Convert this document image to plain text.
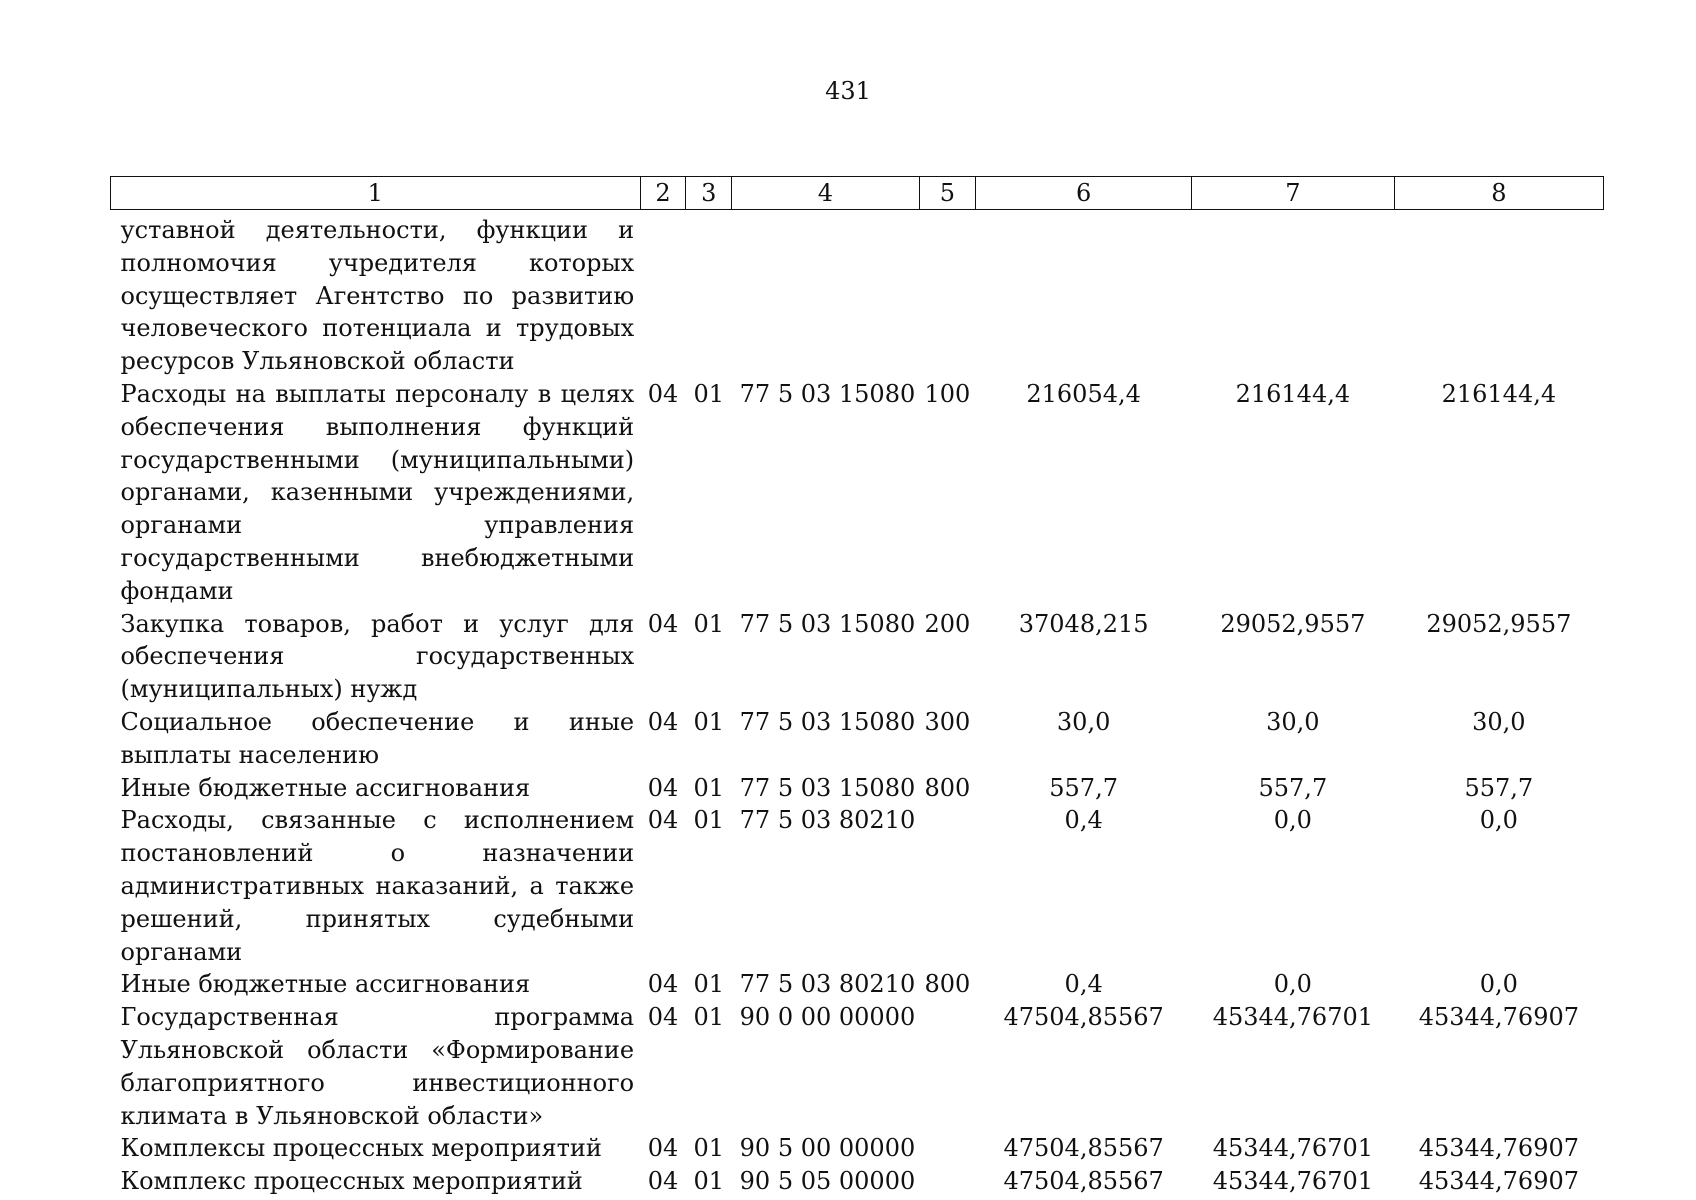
431
1	2	3	4	5	6	7	8
уставной деятельности, функции и полномочия учредителя которых осуществляет Агентство по развитию человеческого потенциала и трудовых ресурсов Ульяновской области							
Расходы на выплаты персоналу в целях обеспечения выполнения функций государственными (муниципальными) органами, казенными учреждениями, органами управления государственными внебюджетными фондами	04	01	77 5 03 15080	100	216054,4	216144,4	216144,4
Закупка товаров, работ и услуг для обеспечения государственных (муниципальных) нужд	04	01	77 5 03 15080	200	37048,215	29052,9557	29052,9557
Социальное обеспечение и иные выплаты населению	04	01	77 5 03 15080	300	30,0	30,0	30,0
Иные бюджетные ассигнования	04	01	77 5 03 15080	800	557,7	557,7	557,7
Расходы, связанные с исполнением постановлений о назначении административных наказаний, а также решений, принятых судебными органами	04	01	77 5 03 80210		0,4	0,0	0,0
Иные бюджетные ассигнования	04	01	77 5 03 80210	800	0,4	0,0	0,0
Государственная программа Ульяновской области «Формирование благоприятного инвестиционного климата в Ульяновской области»	04	01	90 0 00 00000		47504,85567	45344,76701	45344,76907
Комплексы процессных мероприятий	04	01	90 5 00 00000		47504,85567	45344,76701	45344,76907
Комплекс процессных мероприятий	04	01	90 5 05 00000		47504,85567	45344,76701	45344,76907
